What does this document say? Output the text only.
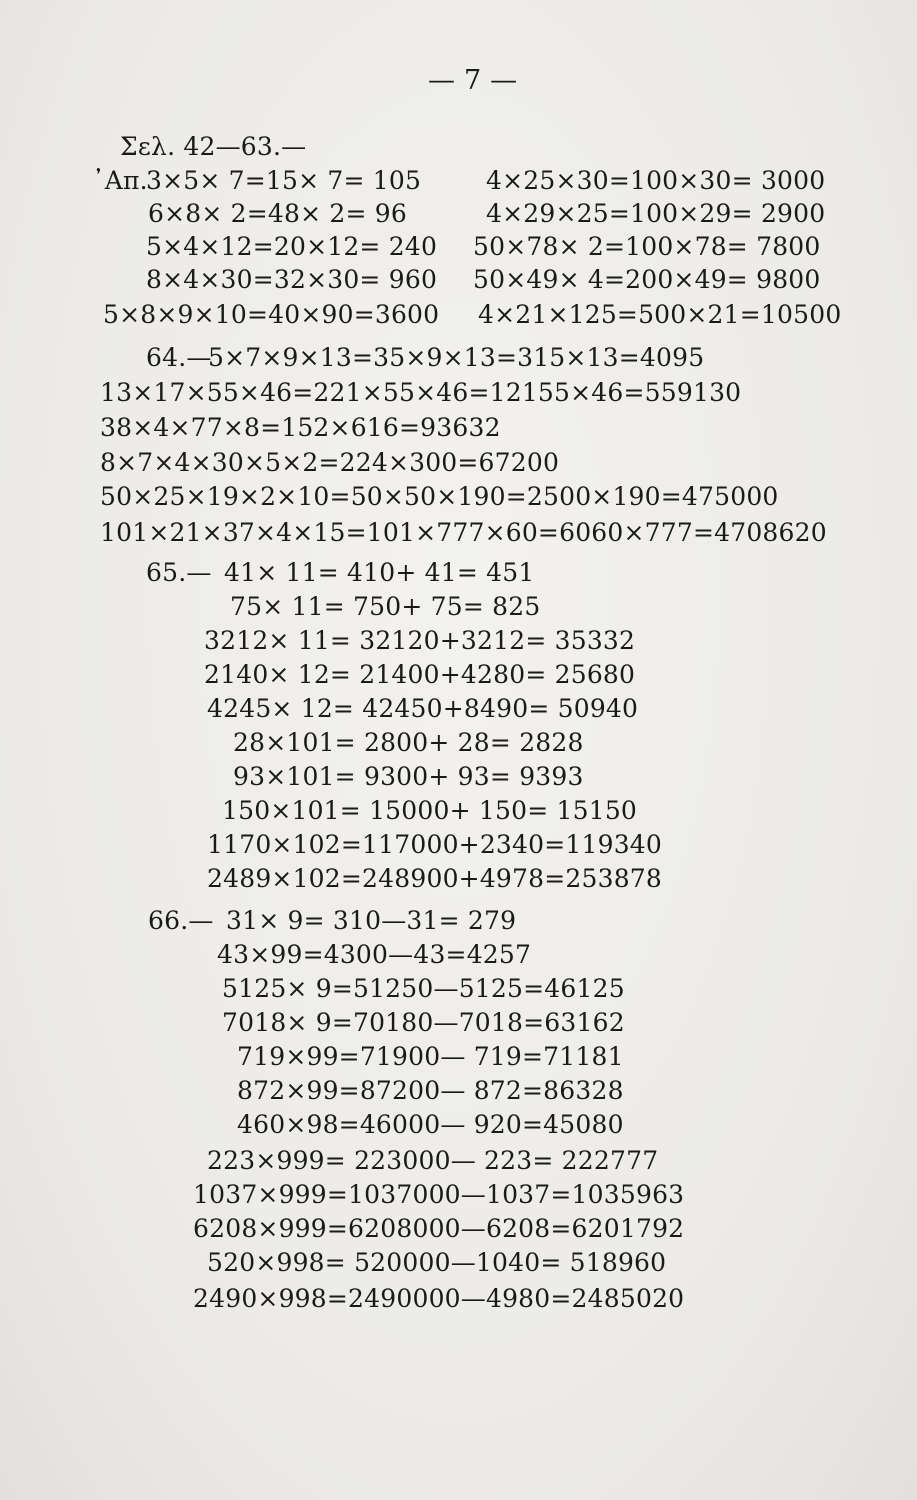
— 7 —
Σελ. 42—63.—
᾿Απ.
3×5× 7=15× 7= 105
6×8× 2=48× 2= 96
5×4×12=20×12= 240
8×4×30=32×30= 960
5×8×9×10=40×90=3600
4×25×30=100×30= 3000
4×29×25=100×29= 2900
50×78× 2=100×78= 7800
50×49× 4=200×49= 9800
4×21×125=500×21=10500
64.—
5×7×9×13=35×9×13=315×13=4095
13×17×55×46=221×55×46=12155×46=559130
38×4×77×8=152×616=93632
8×7×4×30×5×2=224×300=67200
50×25×19×2×10=50×50×190=2500×190=475000
101×21×37×4×15=101×777×60=6060×777=4708620
65.— 41× 11= 410+ 41= 451
75× 11= 750+ 75= 825
3212× 11= 32120+3212= 35332
2140× 12= 21400+4280= 25680
4245× 12= 42450+8490= 50940
28×101= 2800+ 28= 2828
93×101= 9300+ 93= 9393
150×101= 15000+ 150= 15150
1170×102=117000+2340=119340
2489×102=248900+4978=253878
66.— 31× 9= 310—31= 279
43×99=4300—43=4257
5125× 9=51250—5125=46125
7018× 9=70180—7018=63162
719×99=71900— 719=71181
872×99=87200— 872=86328
460×98=46000— 920=45080
223×999= 223000— 223= 222777
1037×999=1037000—1037=1035963
6208×999=6208000—6208=6201792
520×998= 520000—1040= 518960
2490×998=2490000—4980=2485020
